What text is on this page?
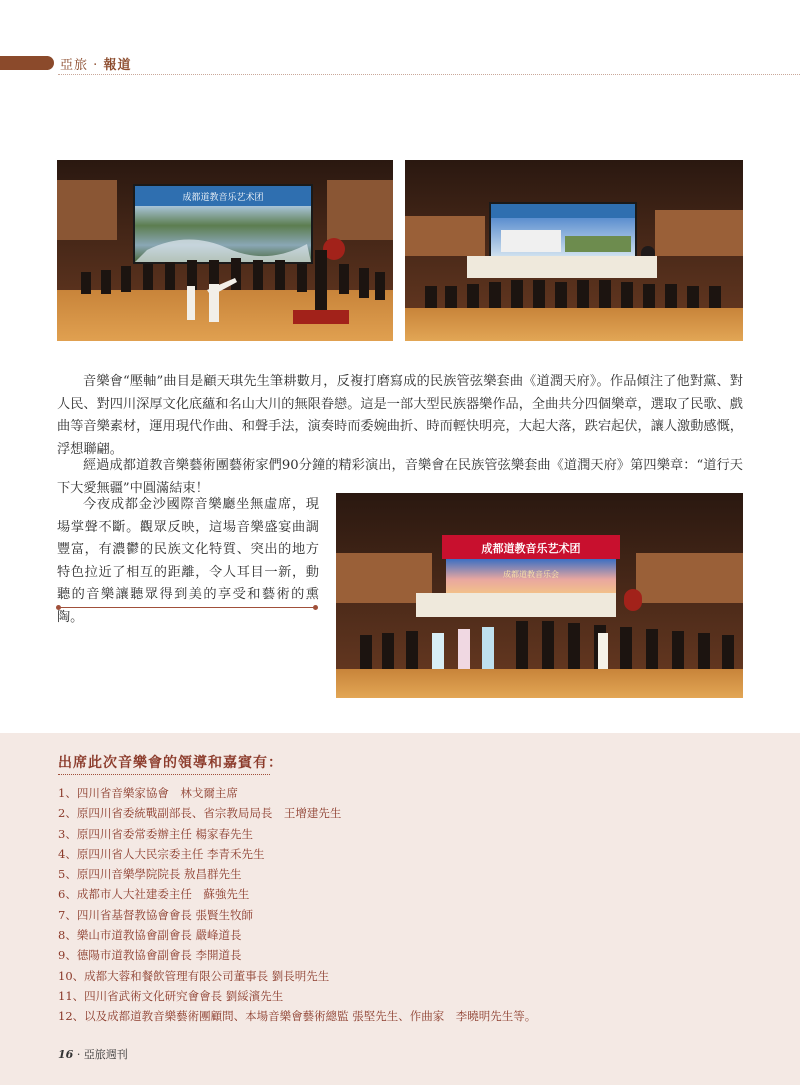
亞旅 · 報道
成都道教音乐艺术团

音樂會“壓軸”曲目是顧天琪先生筆耕數月，反複打磨寫成的民族管弦樂套曲《道潤天府》。作品傾注了他對黨、對人民、對四川深厚文化底蘊和名山大川的無限眷戀。這是一部大型民族器樂作品，全曲共分四個樂章，選取了民歌、戲曲等音樂素材，運用現代作曲、和聲手法，演奏時而委婉曲折、時而輕快明亮，大起大落，跌宕起伏，讓人激動感慨，浮想聯翩。

經過成都道教音樂藝術團藝術家們90分鐘的精彩演出，音樂會在民族管弦樂套曲《道潤天府》第四樂章：“道行天下大愛無疆”中圓滿結束！

今夜成都金沙國際音樂廳坐無虛席，現場掌聲不斷。觀眾反映，這場音樂盛宴曲調豐富，有濃鬱的民族文化特質、突出的地方特色拉近了相互的距離，令人耳目一新，動聽的音樂讓聽眾得到美的享受和藝術的熏陶。

成都道教音乐艺术团
成都道教音乐会
出席此次音樂會的領導和嘉賓有：
1、四川省音樂家協會　林戈爾主席
2、原四川省委統戰副部長、省宗教局局長　王增建先生
3、原四川省委常委辦主任 楊家春先生
4、原四川省人大民宗委主任 李青禾先生
5、原四川音樂學院院長 敖昌群先生
6、成都市人大社建委主任　蘇強先生
7、四川省基督教協會會長 張賢生牧師
8、樂山市道教協會副會長 嚴峰道長
9、德陽市道教協會副會長 李開道長
10、成都大蓉和餐飲管理有限公司董事長 劉長明先生
11、四川省武術文化研究會會長 劉綏濱先生
12、以及成都道教音樂藝術團顧問、本場音樂會藝術總監 張堅先生、作曲家　李曉明先生等。
16 · 亞旅週刊
